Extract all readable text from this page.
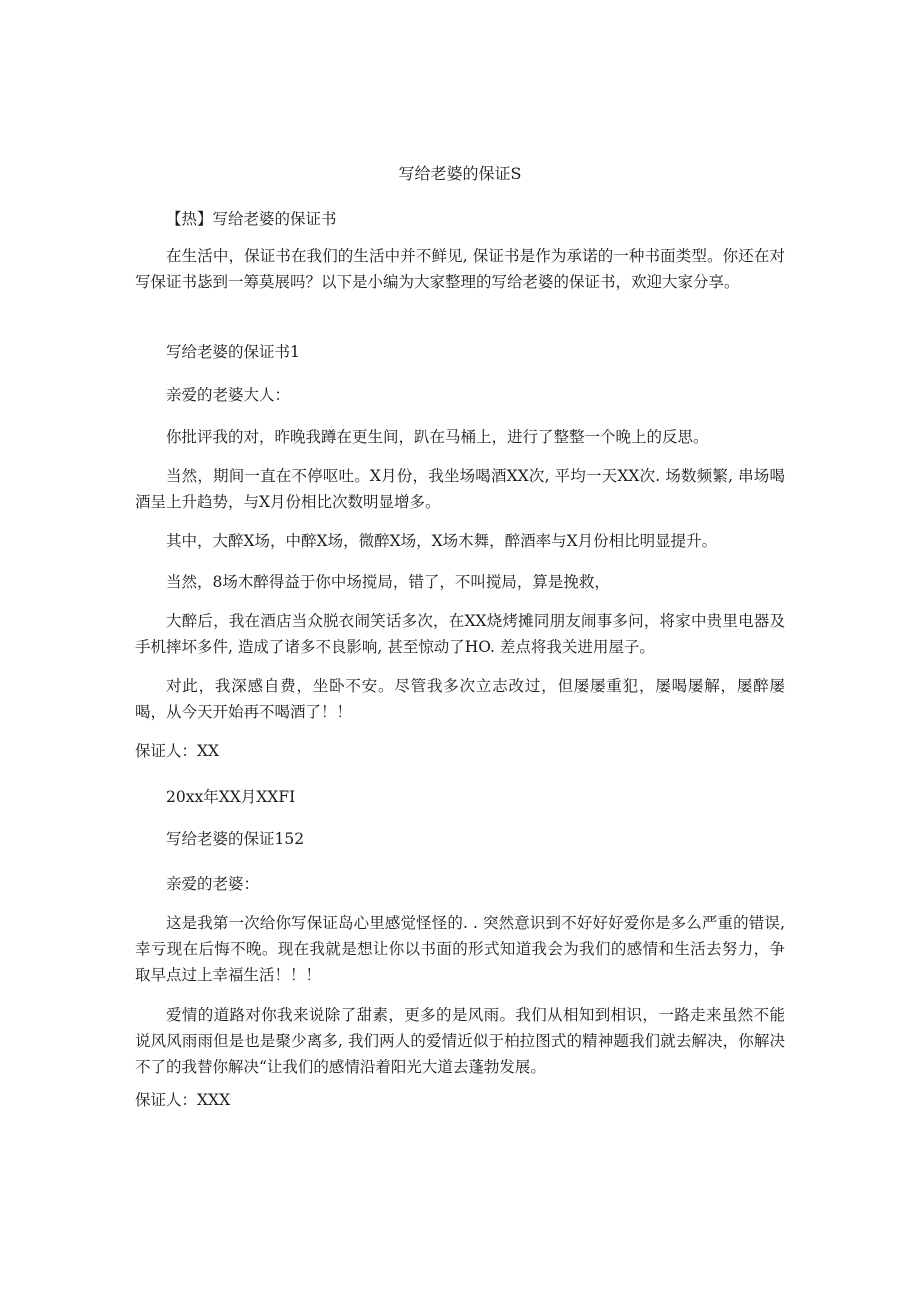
写给老婆的保证S

【热】写给老婆的保证书

在生活中，保证书在我们的生活中并不鲜见, 保证书是作为承诺的一种书面类型。你还在对写保证书毖到一筹莫展吗？以下是小编为大家整理的写给老婆的保证书，欢迎大家分享。

写给老婆的保证书1

亲爱的老婆大人：

你批评我的对，昨晚我蹲在更生间，趴在马桶上，进行了整整一个晚上的反思。

当然，期间一直在不停呕吐。X月份，我坐场喝酒XX次, 平均一天XX次. 场数频繁, 串场喝酒呈上升趋势，与X月份相比次数明显增多。

其中，大醉X场，中醉X场，微醉X场，X场木舞，醉酒率与X月份相比明显提升。

当然，8场木醉得益于你中场搅局，错了，不叫搅局，算是挽救，

大醉后，我在酒店当众脱衣闹笑话多次，在XX烧烤摊同朋友闹事多问，将家中贵里电器及手机摔坏多件, 造成了诸多不良影响, 甚至惊动了HO. 差点将我关进用屋子。

对此，我深感自费，坐卧不安。尽管我多次立志改过，但屡屡重犯，屡喝屡解，屡醉屡喝，从今天开始再不喝酒了！！

保证人：XX

20xx年XX月XXFI

写给老婆的保证152

亲爱的老婆：

这是我第一次给你写保证岛心里感觉怪怪的. . 突然意识到不好好好爱你是多么严重的错误, 幸亏现在后悔不晚。现在我就是想让你以书面的形式知道我会为我们的感情和生活去努力，争取早点过上幸福生活！！！

爱情的道路对你我来说除了甜素，更多的是风雨。我们从相知到相识，一路走来虽然不能说风风雨雨但是也是聚少离多, 我们两人的爱情近似于柏拉图式的精神题我们就去解决，你解决不了的我替你解决“让我们的感情沿着阳光大道去蓬勃发展。

保证人：XXX
